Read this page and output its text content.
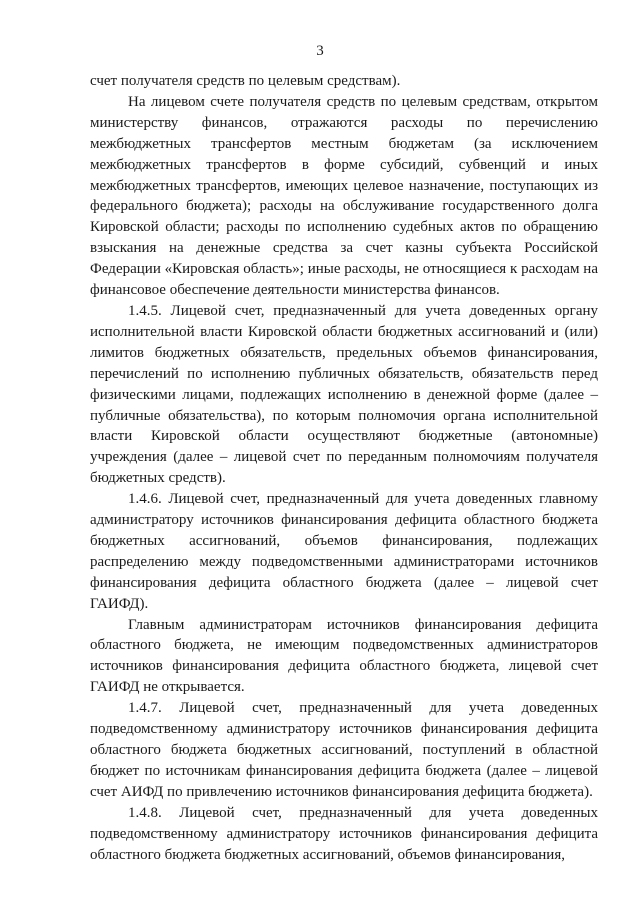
3

счет получателя средств по целевым средствам).

На лицевом счете получателя средств по целевым средствам, открытом министерству финансов, отражаются расходы по перечислению межбюджетных трансфертов местным бюджетам (за исключением межбюджетных трансфертов в форме субсидий, субвенций и иных межбюджетных трансфертов, имеющих целевое назначение, поступающих из федерального бюджета); расходы на обслуживание государственного долга Кировской области; расходы по исполнению судебных актов по обращению взыскания на денежные средства за счет казны субъекта Российской Федерации «Кировская область»; иные расходы, не относящиеся к расходам на финансовое обеспечение деятельности министерства финансов.

1.4.5. Лицевой счет, предназначенный для учета доведенных органу исполнительной власти Кировской области бюджетных ассигнований и (или) лимитов бюджетных обязательств, предельных объемов финансирования, перечислений по исполнению публичных обязательств, обязательств перед физическими лицами, подлежащих исполнению в денежной форме (далее – публичные обязательства), по которым полномочия органа исполнительной власти Кировской области осуществляют бюджетные (автономные) учреждения (далее – лицевой счет по переданным полномочиям получателя бюджетных средств).

1.4.6. Лицевой счет, предназначенный для учета доведенных главному администратору источников финансирования дефицита областного бюджета бюджетных ассигнований, объемов финансирования, подлежащих распределению между подведомственными администраторами источников финансирования дефицита областного бюджета (далее – лицевой счет ГАИФД).

Главным администраторам источников финансирования дефицита областного бюджета, не имеющим подведомственных администраторов источников финансирования дефицита областного бюджета, лицевой счет ГАИФД не открывается.

1.4.7. Лицевой счет, предназначенный для учета доведенных подведомственному администратору источников финансирования дефицита областного бюджета бюджетных ассигнований, поступлений в областной бюджет по источникам финансирования дефицита бюджета (далее – лицевой счет АИФД по привлечению источников финансирования дефицита бюджета).

1.4.8. Лицевой счет, предназначенный для учета доведенных подведомственному администратору источников финансирования дефицита областного бюджета бюджетных ассигнований, объемов финансирования,
